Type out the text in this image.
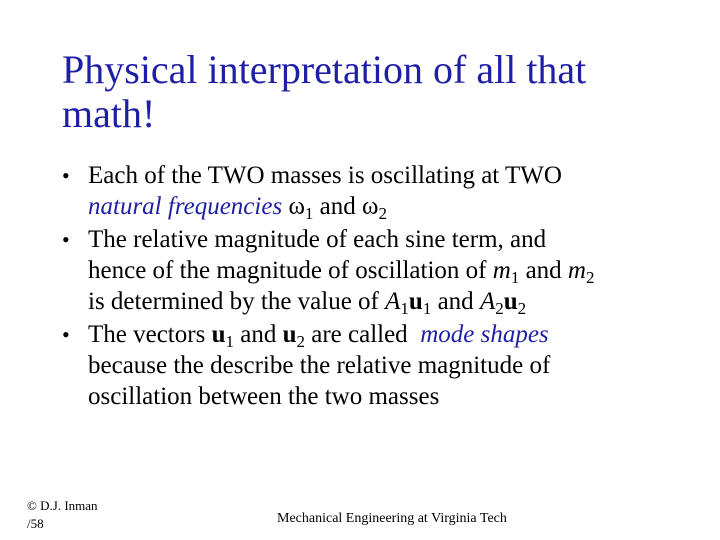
Physical interpretation of all that
math!
• Each of the TWO masses is oscillating at TWO
natural frequencies $\omega_1$ and $\omega_2$
• The relative magnitude of each sine term, and
hence of the magnitude of oscillation of $m_1$ and $m_2$
is determined by the value of $A_1u_1$ and $A_2u_2$
• The vectors $u_1$ and $u_2$ are called mode shapes
because the describe the relative magnitude of
oscillation between the two masses
© D.J. Inman
/58	Mechanical Engineering at Virginia Tech
